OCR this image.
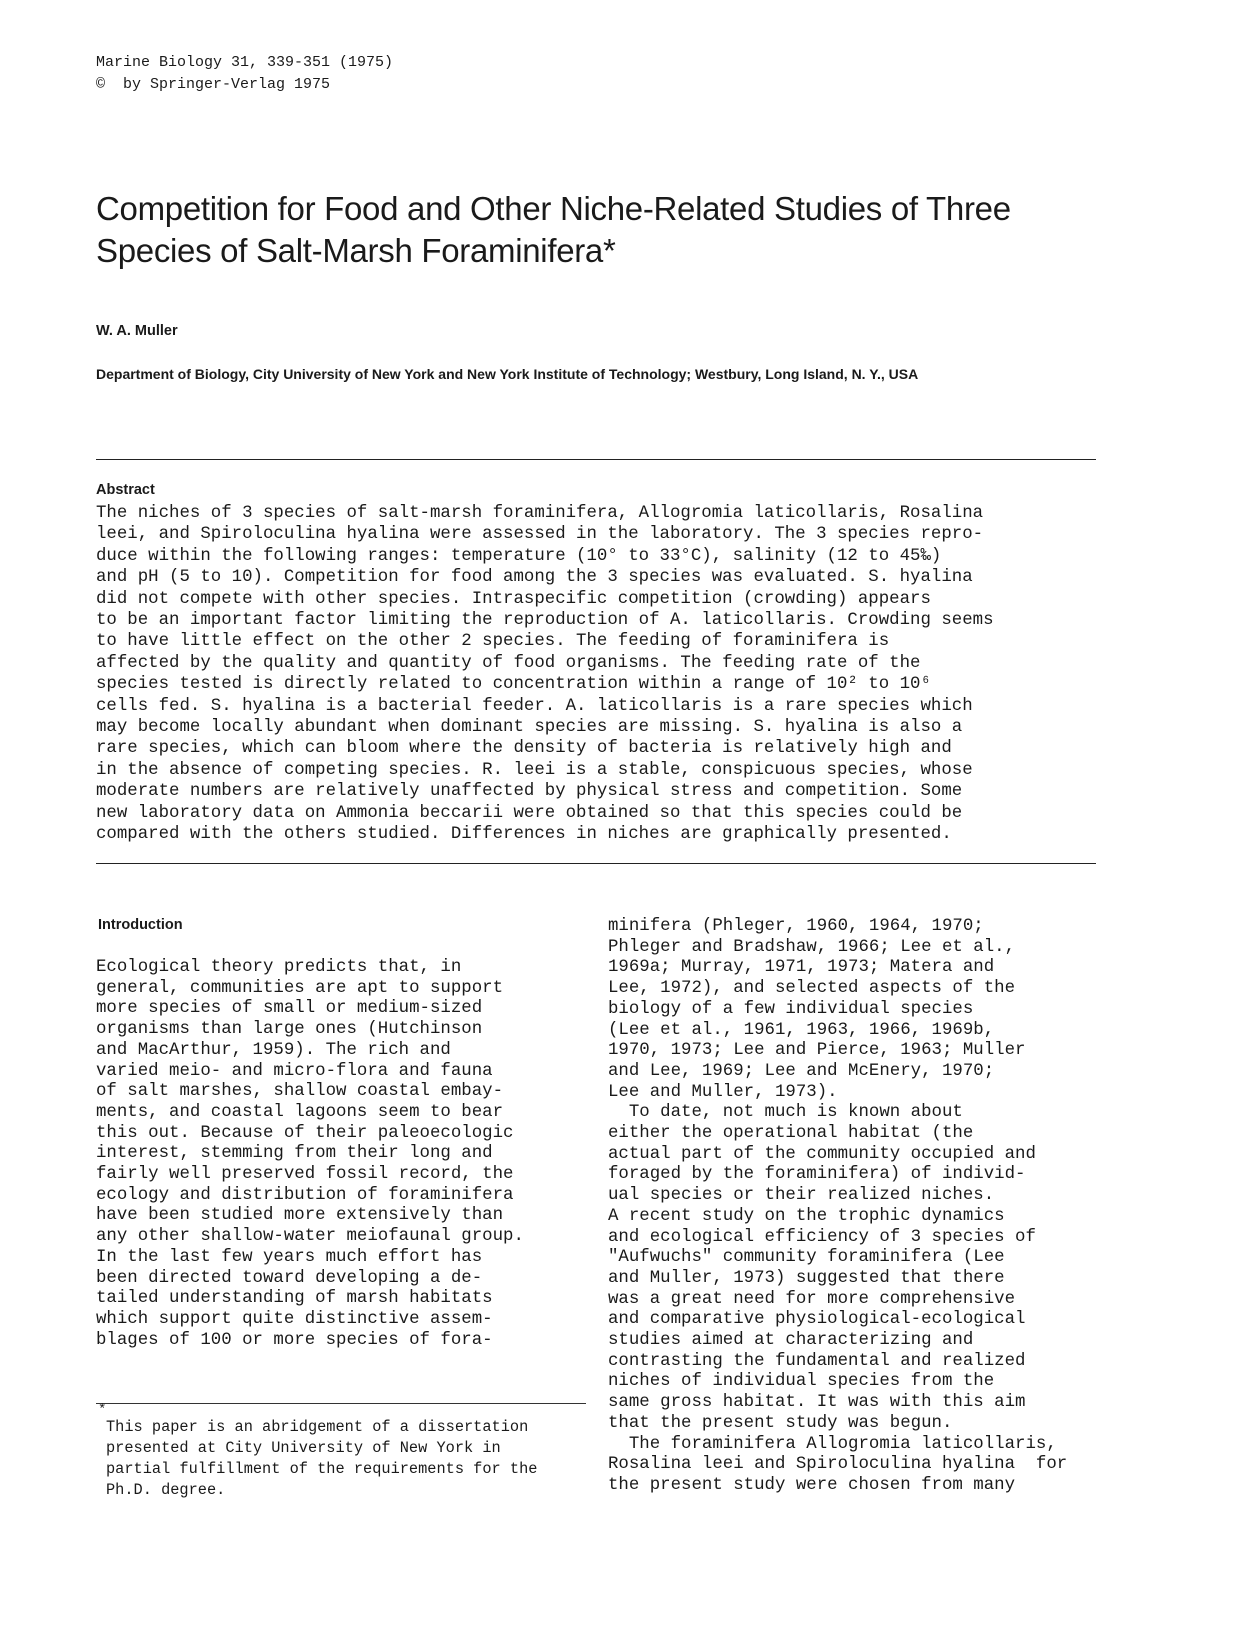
Marine Biology 31, 339-351 (1975)
©  by Springer-Verlag 1975
Competition for Food and Other Niche-Related Studies of Three
Species of Salt-Marsh Foraminifera*
W. A. Muller
Department of Biology, City University of New York and New York Institute of Technology; Westbury, Long Island, N. Y., USA
Abstract
The niches of 3 species of salt-marsh foraminifera, Allogromia laticollaris, Rosalina
leei, and Spiroloculina hyalina were assessed in the laboratory. The 3 species repro-
duce within the following ranges: temperature (10° to 33°C), salinity (12 to 45‰)
and pH (5 to 10). Competition for food among the 3 species was evaluated. S. hyalina
did not compete with other species. Intraspecific competition (crowding) appears
to be an important factor limiting the reproduction of A. laticollaris. Crowding seems
to have little effect on the other 2 species. The feeding of foraminifera is
affected by the quality and quantity of food organisms. The feeding rate of the
species tested is directly related to concentration within a range of 10² to 10⁶
cells fed. S. hyalina is a bacterial feeder. A. laticollaris is a rare species which
may become locally abundant when dominant species are missing. S. hyalina is also a
rare species, which can bloom where the density of bacteria is relatively high and
in the absence of competing species. R. leei is a stable, conspicuous species, whose
moderate numbers are relatively unaffected by physical stress and competition. Some
new laboratory data on Ammonia beccarii were obtained so that this species could be
compared with the others studied. Differences in niches are graphically presented.
Introduction
Ecological theory predicts that, in
general, communities are apt to support
more species of small or medium-sized
organisms than large ones (Hutchinson
and MacArthur, 1959). The rich and
varied meio- and micro-flora and fauna
of salt marshes, shallow coastal embay-
ments, and coastal lagoons seem to bear
this out. Because of their paleoecologic
interest, stemming from their long and
fairly well preserved fossil record, the
ecology and distribution of foraminifera
have been studied more extensively than
any other shallow-water meiofaunal group.
In the last few years much effort has
been directed toward developing a de-
tailed understanding of marsh habitats
which support quite distinctive assem-
blages of 100 or more species of fora-
minifera (Phleger, 1960, 1964, 1970;
Phleger and Bradshaw, 1966; Lee et al.,
1969a; Murray, 1971, 1973; Matera and
Lee, 1972), and selected aspects of the
biology of a few individual species
(Lee et al., 1961, 1963, 1966, 1969b,
1970, 1973; Lee and Pierce, 1963; Muller
and Lee, 1969; Lee and McEnery, 1970;
Lee and Muller, 1973).
To date, not much is known about
either the operational habitat (the
actual part of the community occupied and
foraged by the foraminifera) of individ-
ual species or their realized niches.
A recent study on the trophic dynamics
and ecological efficiency of 3 species of
"Aufwuchs" community foraminifera (Lee
and Muller, 1973) suggested that there
was a great need for more comprehensive
and comparative physiological-ecological
studies aimed at characterizing and
contrasting the fundamental and realized
niches of individual species from the
same gross habitat. It was with this aim
that the present study was begun.
The foraminifera Allogromia laticollaris,
Rosalina leei and Spiroloculina hyalina  for
the present study were chosen from many
*
This paper is an abridgement of a dissertation
presented at City University of New York in
partial fulfillment of the requirements for the
Ph.D. degree.
